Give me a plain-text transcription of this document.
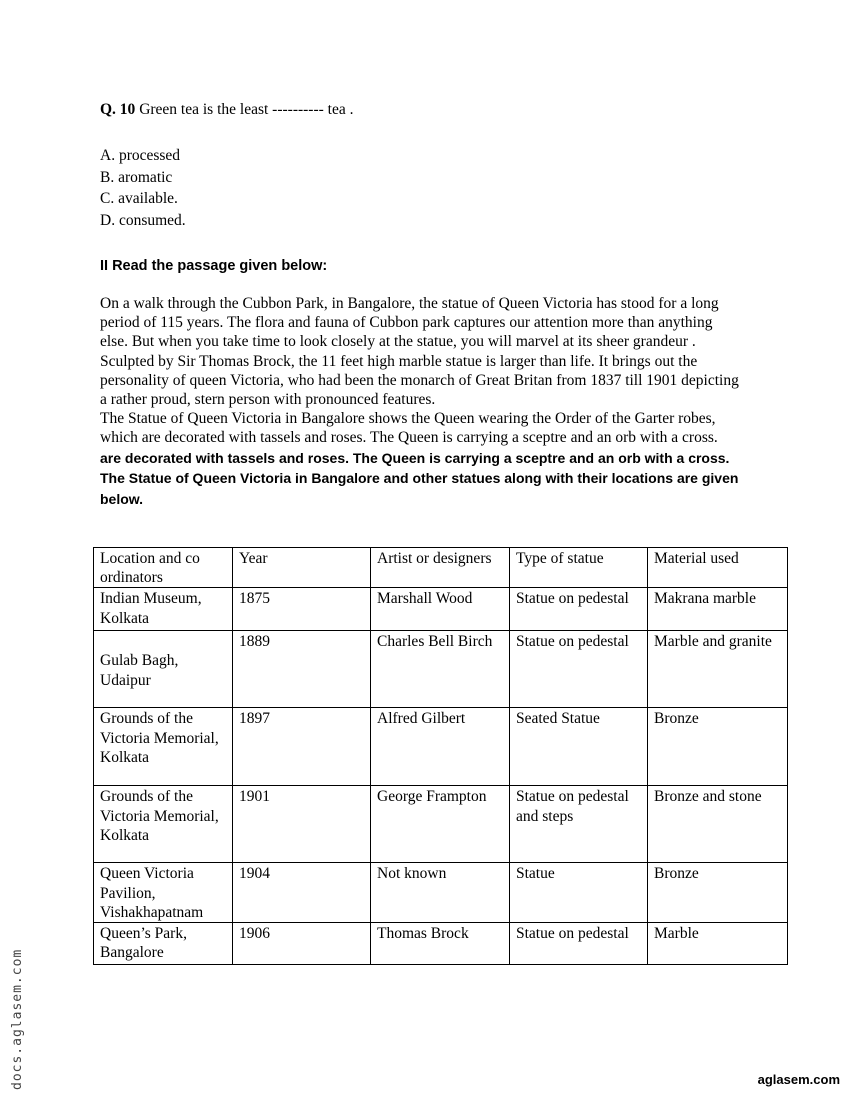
Q. 10 Green tea is the least ---------- tea .
A. processed
B. aromatic
C. available.
D. consumed.
II Read the passage given below:

On a walk through the Cubbon Park, in Bangalore, the statue of Queen Victoria has stood for a long period of 115 years. The flora and fauna of Cubbon park captures our attention more than anything else. But when you take time to look closely at the statue, you will marvel at its sheer grandeur . Sculpted by Sir Thomas Brock, the 11 feet high marble statue is larger than life. It brings out the personality of queen Victoria, who had been the monarch of Great Britan from 1837 till 1901 depicting a rather proud, stern person with pronounced features.

The Statue of Queen Victoria in Bangalore shows the Queen wearing the Order of the Garter robes, which are decorated with tassels and roses. The Queen is carrying a sceptre and an orb with a cross. are decorated with tassels and roses. The Queen is carrying a sceptre and an orb with a cross.

The Statue of Queen Victoria in Bangalore and other statues along with their locations are given below.

Location and co ordinators	Year	Artist or designers	Type of statue	Material used
Indian Museum, Kolkata	1875	Marshall Wood	Statue on pedestal	Makrana marble

Gulab Bagh, Udaipur	1889	Charles Bell Birch	Statue on pedestal	Marble and granite
Grounds of the Victoria Memorial, Kolkata	1897	Alfred Gilbert	Seated Statue	Bronze
Grounds of the Victoria Memorial, Kolkata	1901	George Frampton	Statue on pedestal and steps	Bronze and stone
Queen Victoria Pavilion, Vishakhapatnam	1904	Not known	Statue	Bronze
Queen’s Park, Bangalore	1906	Thomas Brock	Statue on pedestal	Marble
docs.aglasem.com	aglasem.com
